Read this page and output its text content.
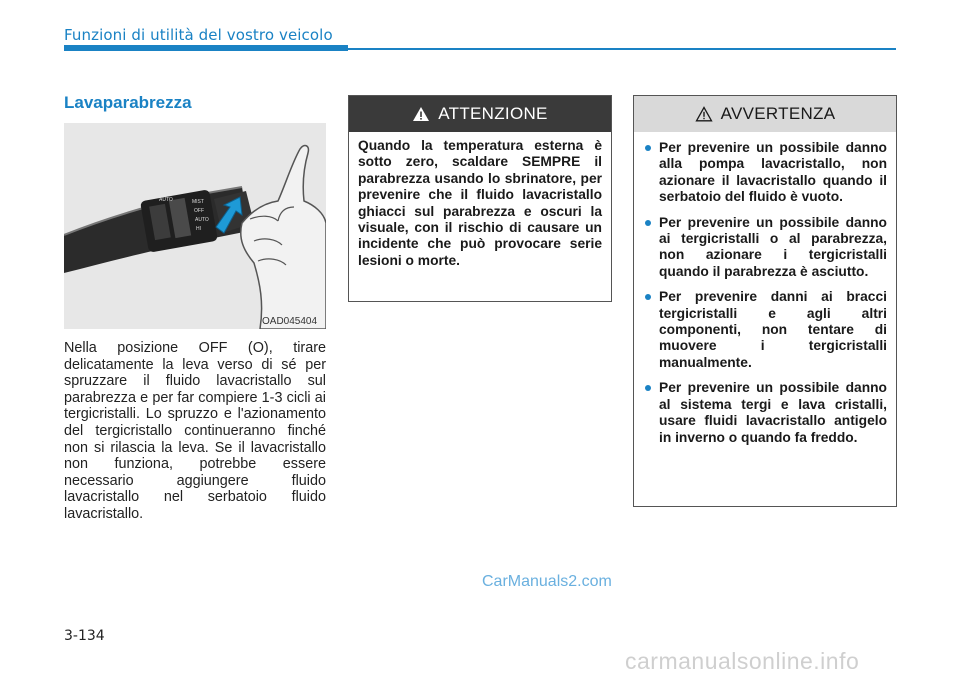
Funzioni di utilità del vostro veicolo
Lavaparabrezza
AUTO	MIST
OFF
AUTO
HI
OAD045404
Nella posizione OFF (O), tirare delicatamente la leva verso di sé per spruzzare il fluido lavacristallo sul parabrezza e per far compiere 1-3 cicli ai tergicristalli. Lo spruzzo e l'azionamento del tergicristallo continueranno finché non si rilascia la leva. Se il lavacristallo non funziona, potrebbe essere necessario aggiungere fluido lavacristallo nel serbatoio fluido lavacristallo.
ATTENZIONE
Quando la temperatura esterna è sotto zero, scaldare SEMPRE il parabrezza usando lo sbrinatore, per prevenire che il fluido lavacristallo ghiacci sul parabrezza e oscuri la visuale, con il rischio di causare un incidente che può provocare serie lesioni o morte.
AVVERTENZA
Per prevenire un possibile danno alla pompa lavacristallo, non azionare il lavacristallo quando il serbatoio del fluido è vuoto.
Per prevenire un possibile danno ai tergicristalli o al parabrezza, non azionare i tergicristalli quando il parabrezza è asciutto.
Per prevenire danni ai bracci tergicristalli e agli altri componenti, non tentare di muovere i tergicristalli manualmente.
Per prevenire un possibile danno al sistema tergi e lava cristalli, usare fluidi lavacristallo antigelo in inverno o quando fa freddo.
CarManuals2.com
3-134
carmanualsonline.info
